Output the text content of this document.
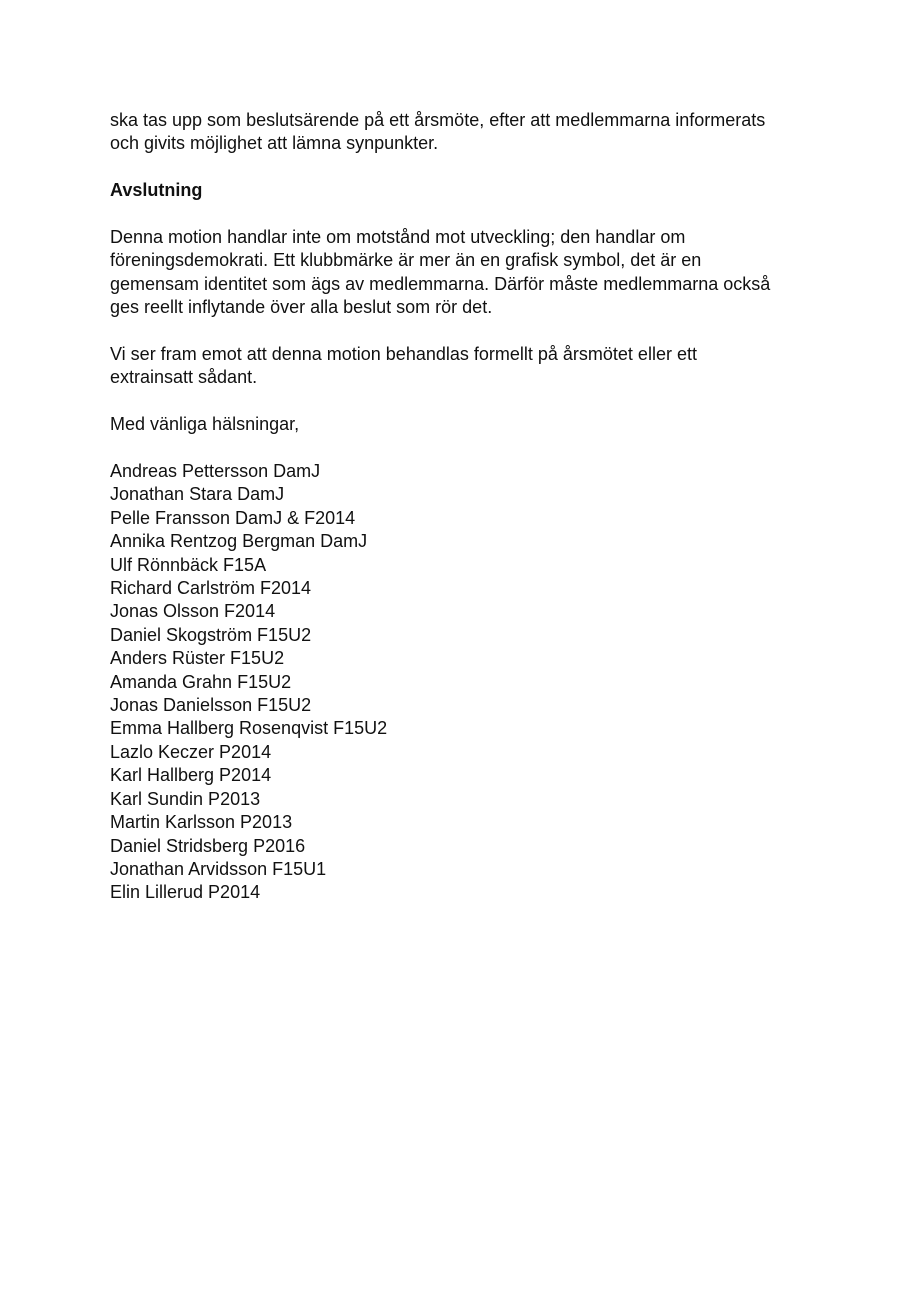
ska tas upp som beslutsärende på ett årsmöte, efter att medlemmarna informerats
och givits möjlighet att lämna synpunkter.

Avslutning

Denna motion handlar inte om motstånd mot utveckling; den handlar om
föreningsdemokrati. Ett klubbmärke är mer än en grafisk symbol, det är en
gemensam identitet som ägs av medlemmarna. Därför måste medlemmarna också
ges reellt inflytande över alla beslut som rör det.

Vi ser fram emot att denna motion behandlas formellt på årsmötet eller ett
extrainsatt sådant.

Med vänliga hälsningar,

Andreas Pettersson DamJ
Jonathan Stara DamJ
Pelle Fransson DamJ & F2014
Annika Rentzog Bergman DamJ
Ulf Rönnbäck F15A
Richard Carlström F2014
Jonas Olsson F2014
Daniel Skogström F15U2
Anders Rüster F15U2
Amanda Grahn F15U2
Jonas Danielsson F15U2
Emma Hallberg Rosenqvist F15U2
Lazlo Keczer P2014
Karl Hallberg P2014
Karl Sundin P2013
Martin Karlsson P2013
Daniel Stridsberg P2016
Jonathan Arvidsson F15U1
Elin Lillerud P2014
